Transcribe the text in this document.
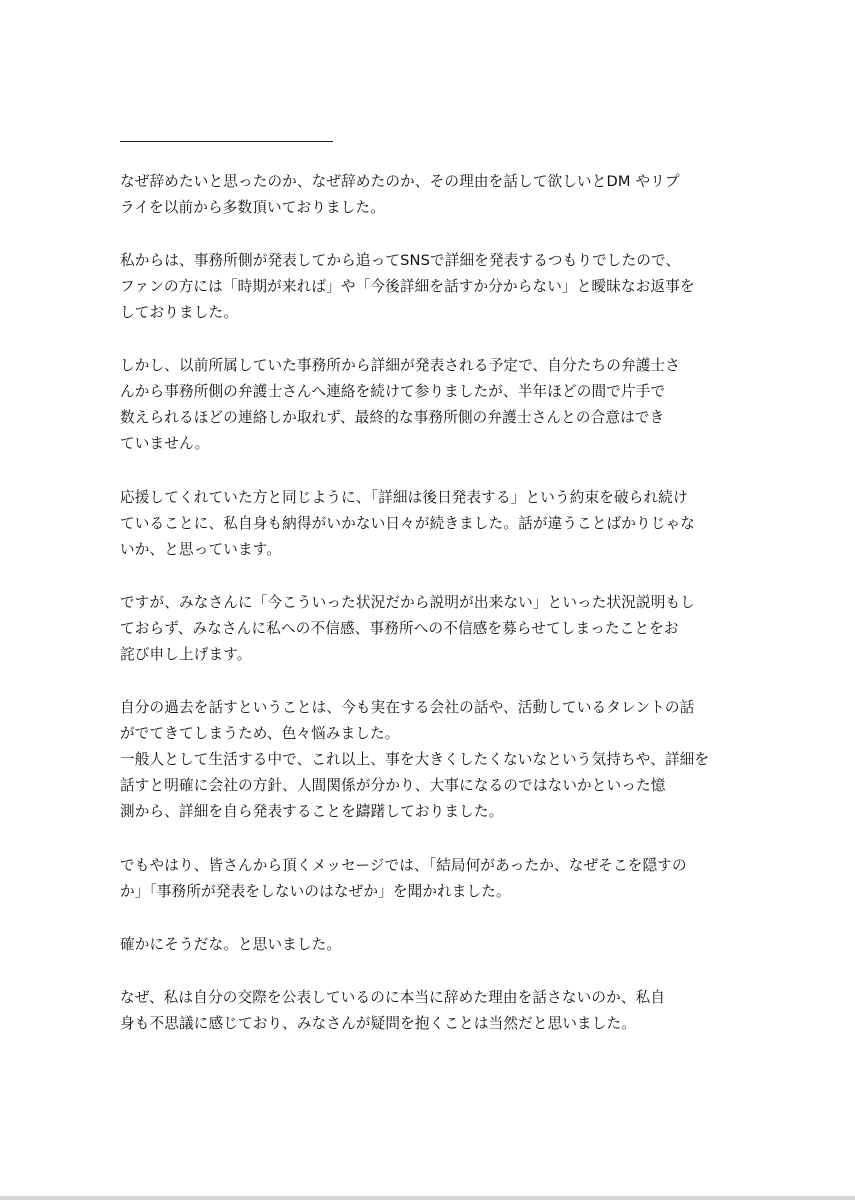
なぜ辞めたいと思ったのか、なぜ辞めたのか、その理由を話して欲しいとDM やリプ
ライを以前から多数頂いておりました。
私からは、事務所側が発表してから追ってSNSで詳細を発表するつもりでしたので、
ファンの方には「時期が来れば」や「今後詳細を話すか分からない」と曖昧なお返事を
しておりました。
しかし、以前所属していた事務所から詳細が発表される予定で、自分たちの弁護士さ
んから事務所側の弁護士さんへ連絡を続けて参りましたが、半年ほどの間で片手で
数えられるほどの連絡しか取れず、最終的な事務所側の弁護士さんとの合意はでき
ていません。
応援してくれていた方と同じように、「詳細は後日発表する」という約束を破られ続け
ていることに、私自身も納得がいかない日々が続きました。話が違うことばかりじゃな
いか、と思っています。
ですが、みなさんに「今こういった状況だから説明が出来ない」といった状況説明もし
ておらず、みなさんに私への不信感、事務所への不信感を募らせてしまったことをお
詫び申し上げます。
自分の過去を話すということは、今も実在する会社の話や、活動しているタレントの話
がでてきてしまうため、色々悩みました。
一般人として生活する中で、これ以上、事を大きくしたくないなという気持ちや、詳細を
話すと明確に会社の方針、人間関係が分かり、大事になるのではないかといった憶
測から、詳細を自ら発表することを躊躇しておりました。
でもやはり、皆さんから頂くメッセージでは、「結局何があったか、なぜそこを隠すの
か」「事務所が発表をしないのはなぜか」を聞かれました。
確かにそうだな。と思いました。
なぜ、私は自分の交際を公表しているのに本当に辞めた理由を話さないのか、私自
身も不思議に感じており、みなさんが疑問を抱くことは当然だと思いました。
